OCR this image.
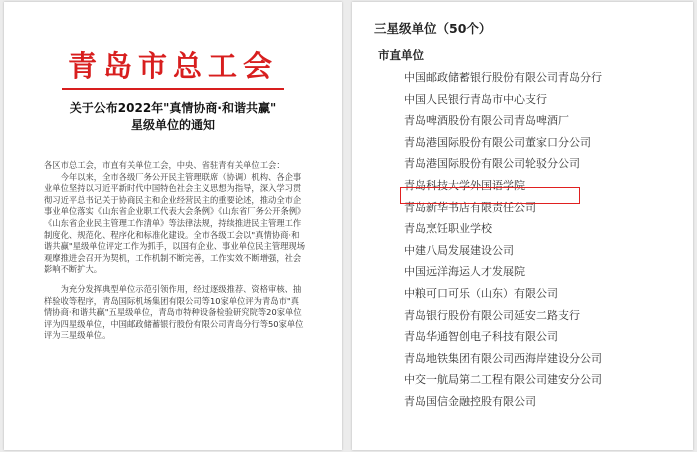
青岛市总工会
关于公布2022年"真情协商·和谐共赢"
星级单位的通知

各区市总工会，市直有关单位工会，中央、省驻青有关单位工会：

今年以来，全市各级厂务公开民主管理联席（协调）机构、各企事业单位坚持以习近平新时代中国特色社会主义思想为指导，深入学习贯彻习近平总书记关于协商民主和企业经营民主的重要论述，推动全市企事业单位落实《山东省企业职工代表大会条例》《山东省厂务公开条例》《山东省企业民主管理工作清单》等法律法规，持续推进民主管理工作制度化、规范化、程序化和标准化建设。全市各级工会以"真情协商·和谐共赢"星级单位评定工作为抓手，以国有企业、事业单位民主管理现场观摩推进会召开为契机，工作机制不断完善，工作实效不断增强，社会影响不断扩大。

为充分发挥典型单位示范引领作用，经过逐级推荐、资格审核、抽样验收等程序，青岛国际机场集团有限公司等10家单位评为青岛市"真情协商·和谐共赢"五星级单位，青岛市特种设备检验研究院等20家单位评为四星级单位，中国邮政储蓄银行股份有限公司青岛分行等50家单位评为三星级单位。

三星级单位（50个）
市直单位
中国邮政储蓄银行股份有限公司青岛分行
中国人民银行青岛市中心支行
青岛啤酒股份有限公司青岛啤酒厂
青岛港国际股份有限公司董家口分公司
青岛港国际股份有限公司轮驳分公司
青岛科技大学外国语学院
青岛新华书店有限责任公司
青岛烹饪职业学校
中建八局发展建设公司
中国远洋海运人才发展院
中粮可口可乐（山东）有限公司
青岛银行股份有限公司延安二路支行
青岛华通智创电子科技有限公司
青岛地铁集团有限公司西海岸建设分公司
中交一航局第二工程有限公司建安分公司
青岛国信金融控股有限公司
